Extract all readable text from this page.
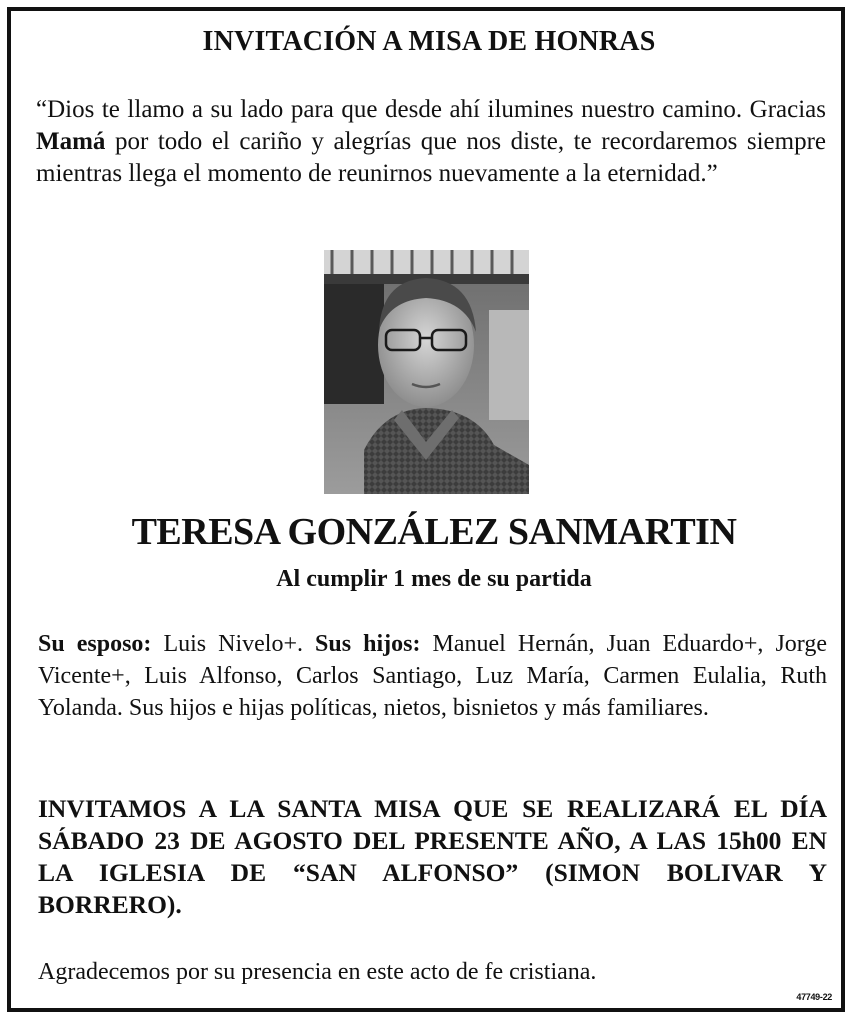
INVITACIÓN A MISA DE HONRAS
“Dios te llamo a su lado para que desde ahí ilumines nuestro camino. Gracias Mamá por todo el cariño y alegrías que nos diste, te recordaremos siempre mientras llega el momento de reunirnos nuevamente a la eternidad.”
TERESA GONZÁLEZ SANMARTIN
Al cumplir 1 mes de su partida
Su esposo: Luis Nivelo+. Sus hijos: Manuel Hernán, Juan Eduardo+, Jorge Vicente+, Luis Alfonso, Carlos Santiago, Luz María, Carmen Eulalia, Ruth Yolanda. Sus hijos e hijas políticas, nietos, bisnietos y más familiares.
INVITAMOS A LA SANTA MISA QUE SE REALIZARÁ EL DÍA SÁBADO 23 DE AGOSTO DEL PRESENTE AÑO, A LAS 15h00 EN LA IGLESIA DE “SAN ALFONSO” (SIMON BOLIVAR Y BORRERO).
Agradecemos por su presencia en este acto de fe cristiana.
47749-22
